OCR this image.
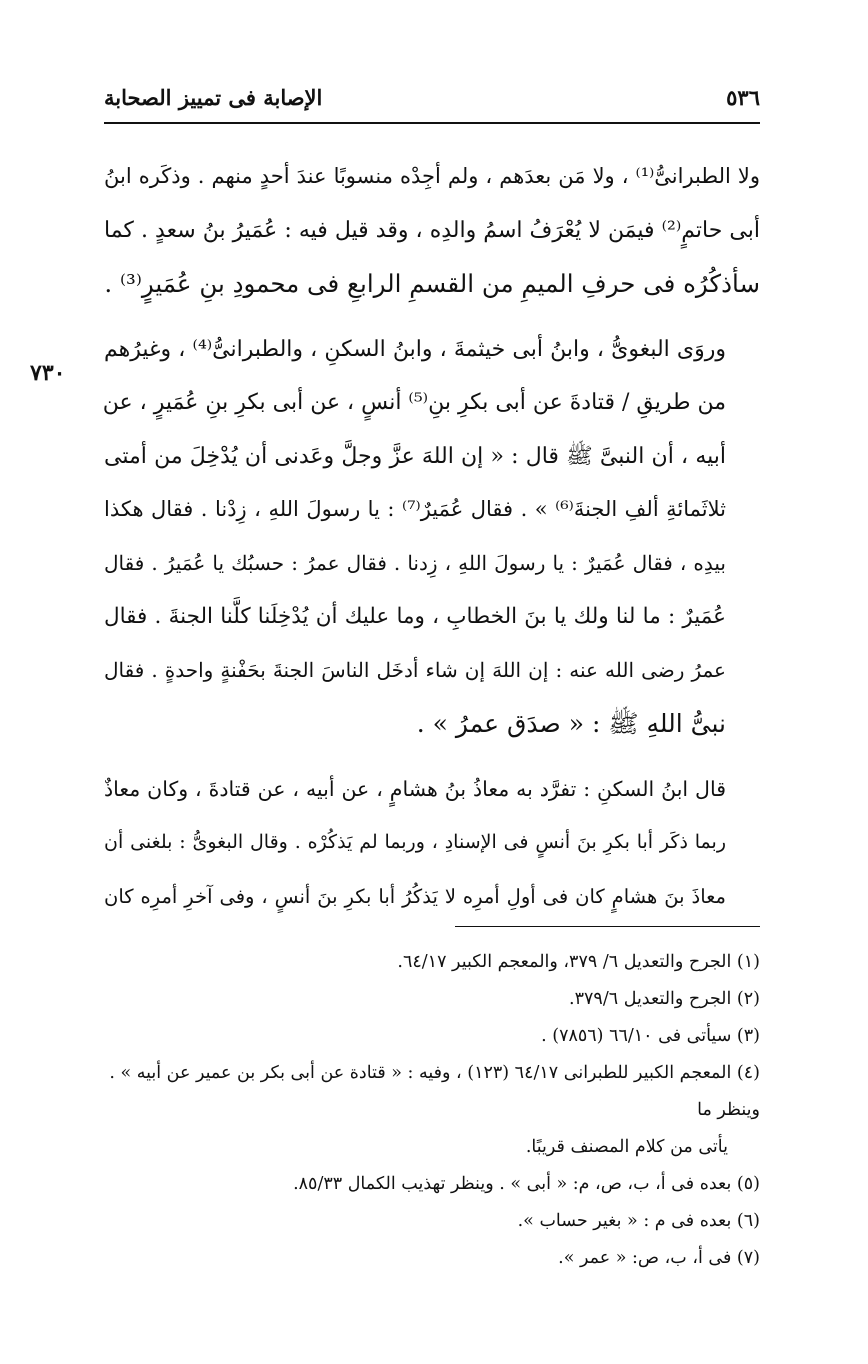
٥٣٦
الإصابة فى تمييز الصحابة
٧٣٠

ولا الطبرانىُّ⁽¹⁾ ، ولا مَن بعدَهم ، ولم أجِدْه منسوبًا عندَ أحدٍ منهم . وذكَره ابنُ
أبى حاتمٍ⁽²⁾ فيمَن لا يُعْرَفُ اسمُ والدِه ، وقد قيل فيه : عُمَيرُ بنُ سعدٍ . كما
سأذكُرُه فى حرفِ الميمِ من القسمِ الرابعِ فى محمودِ بنِ عُمَيرٍ⁽³⁾ .

وروَى البغوىُّ ، وابنُ أبى خيثمةَ ، وابنُ السكنِ ، والطبرانىُّ⁽⁴⁾ ، وغيرُهم
من طريقِ / قتادةَ عن أبى بكرِ بنِ⁽⁵⁾ أنسٍ ، عن أبى بكرِ بنِ عُمَيرٍ ، عن
أبيه ، أن النبىَّ ﷺ قال : « إن اللهَ عزَّ وجلَّ وعَدنى أن يُدْخِلَ من أمتى
ثلاثَمائةِ ألفِ الجنةَ⁽⁶⁾ » . فقال عُمَيرٌ⁽⁷⁾ : يا رسولَ اللهِ ، زِدْنا . فقال هكذا
بيدِه ، فقال عُمَيرٌ : يا رسولَ اللهِ ، زِدنا . فقال عمرُ : حسبُك يا عُمَيرُ . فقال
عُمَيرٌ : ما لنا ولك يا بنَ الخطابِ ، وما عليك أن يُدْخِلَنا كلَّنا الجنةَ . فقال
عمرُ رضى الله عنه : إن اللهَ إن شاء أدخَل الناسَ الجنةَ بحَفْنةٍ واحدةٍ . فقال
نبىُّ اللهِ ﷺ : « صدَق عمرُ » .

قال ابنُ السكنِ : تفرَّد به معاذُ بنُ هشامٍ ، عن أبيه ، عن قتادةَ ، وكان معاذٌ
ربما ذكَر أبا بكرِ بنَ أنسٍ فى الإسنادِ ، وربما لم يَذكُرْه . وقال البغوىُّ : بلغنى أن
معاذَ بنَ هشامٍ كان فى أولِ أمرِه لا يَذكُرُ أبا بكرِ بنَ أنسٍ ، وفى آخرِ أمرِه كان

(١) الجرح والتعديل ٦/ ٣٧٩، والمعجم الكبير ٦٤/١٧.
(٢) الجرح والتعديل ٣٧٩/٦.
(٣) سيأتى فى ٦٦/١٠ (٧٨٥٦) .
(٤) المعجم الكبير للطبرانى ٦٤/١٧ (١٢٣) ، وفيه : « قتادة عن أبى بكر بن عمير عن أبيه » . وينظر ما
يأتى من كلام المصنف قريبًا.
(٥) بعده فى أ، ب، ص، م: « أبى » . وينظر تهذيب الكمال ٨٥/٣٣.
(٦) بعده فى م : « بغير حساب ».
(٧) فى أ، ب، ص: « عمر ».
